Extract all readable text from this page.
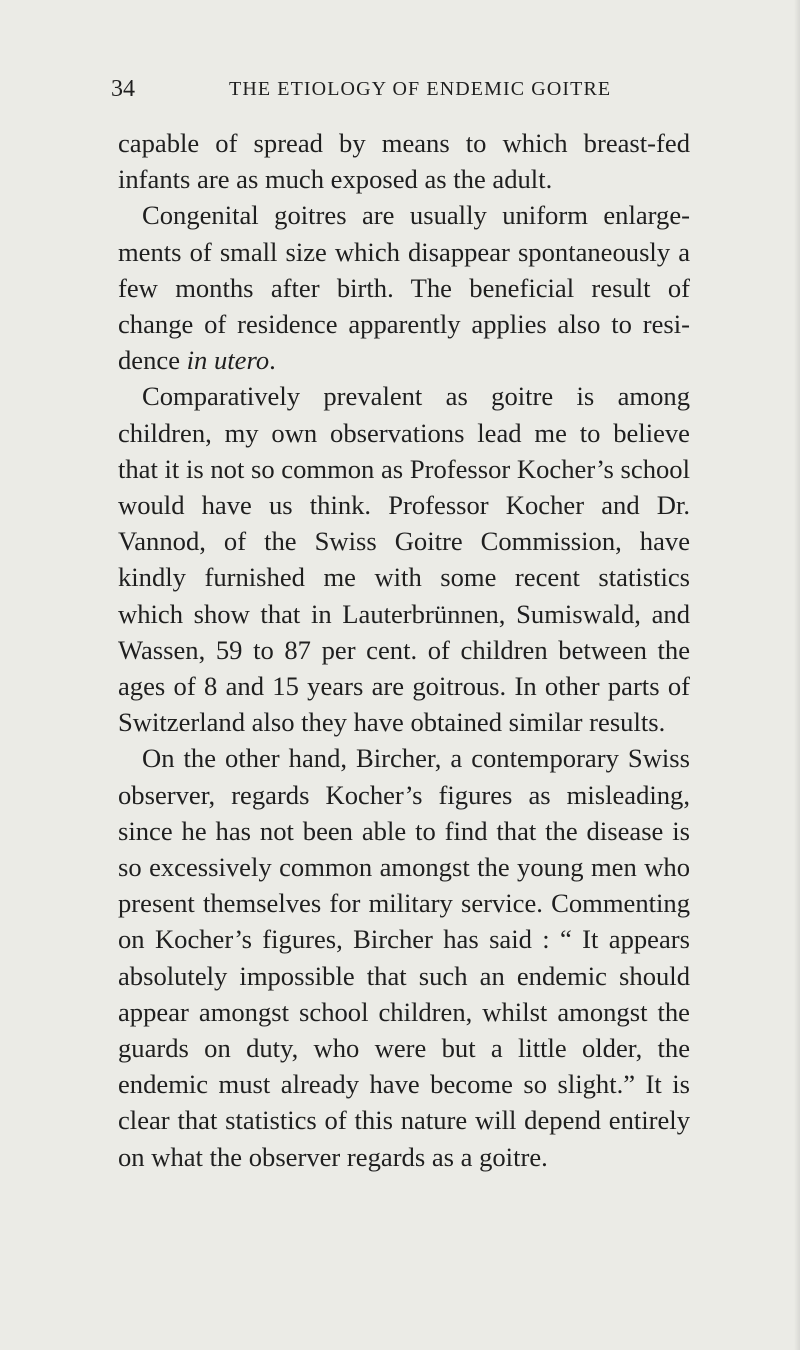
34	THE ETIOLOGY OF ENDEMIC GOITRE

capable of spread by means to which breast-fed infants are as much exposed as the adult.

Congenital goitres are usually uniform enlargements of small size which disappear spontaneously a few months after birth. The beneficial result of change of residence apparently applies also to residence in utero.

Comparatively prevalent as goitre is among children, my own observations lead me to believe that it is not so common as Professor Kocher’s school would have us think. Professor Kocher and Dr. Vannod, of the Swiss Goitre Commission, have kindly furnished me with some recent statistics which show that in Lauterbrünnen, Sumiswald, and Wassen, 59 to 87 per cent. of children between the ages of 8 and 15 years are goitrous. In other parts of Switzerland also they have obtained similar results.

On the other hand, Bircher, a contemporary Swiss observer, regards Kocher’s figures as misleading, since he has not been able to find that the disease is so excessively common amongst the young men who present themselves for military service. Commenting on Kocher’s figures, Bircher has said : “ It appears absolutely impossible that such an endemic should appear amongst school children, whilst amongst the guards on duty, who were but a little older, the endemic must already have become so slight.” It is clear that statistics of this nature will depend entirely on what the observer regards as a goitre.
